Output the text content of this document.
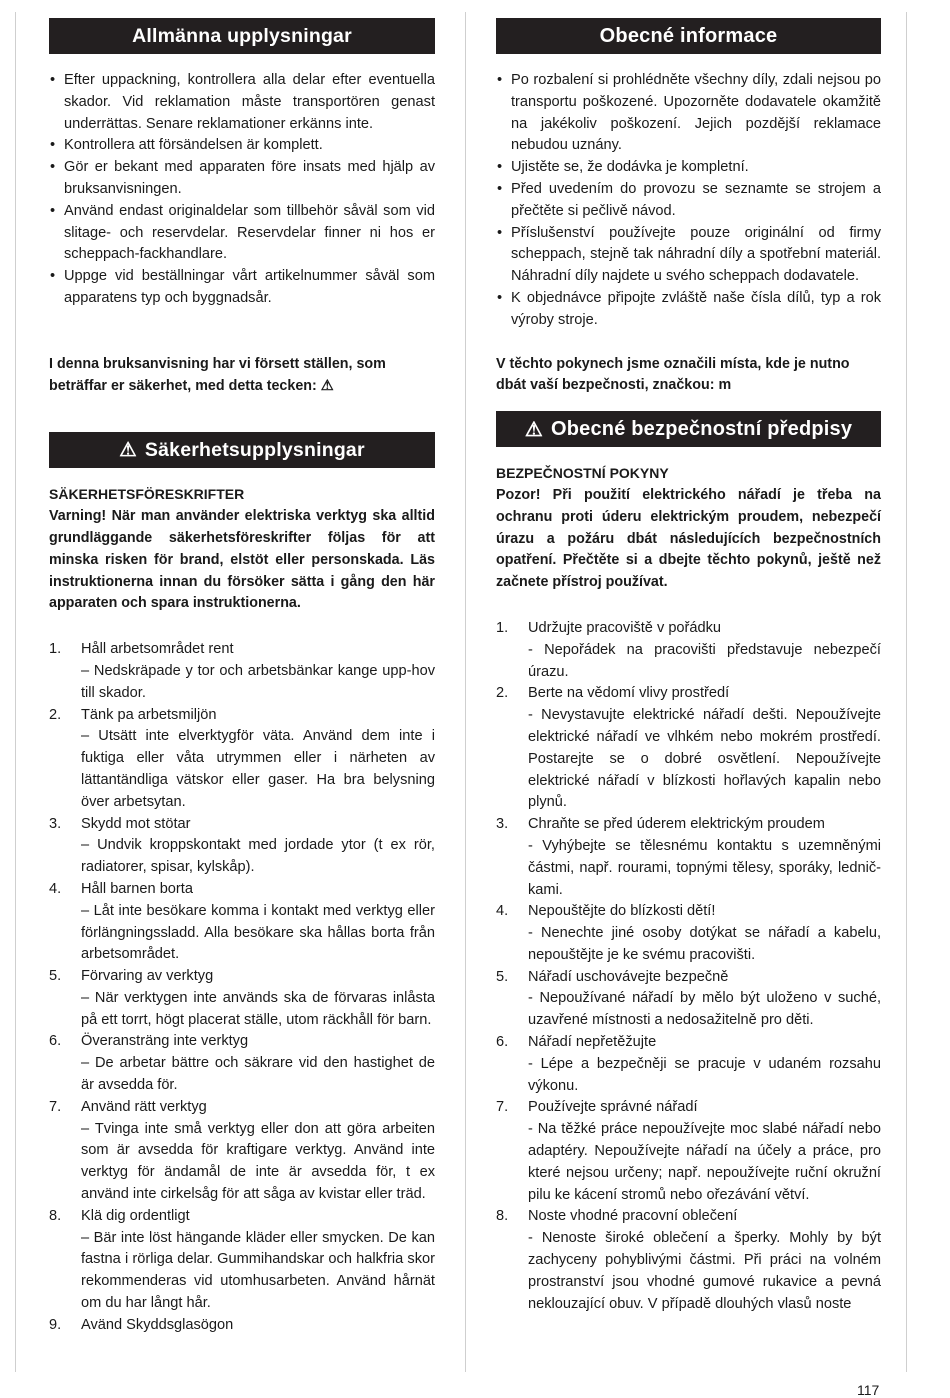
Allmänna upplysningar
• Efter uppackning, kontrollera alla delar efter eventuella skador. Vid reklamation måste transportören genast underrättas. Senare reklamationer erkänns inte.
• Kontrollera att försändelsen är komplett.
• Gör er bekant med apparaten före insats med hjälp av bruksanvisningen.
• Använd endast originaldelar som tillbehör såväl som vid slitage- och reservdelar. Reservdelar finner ni hos er scheppach-fackhandlare.
• Uppge vid beställningar vårt artikelnummer såväl som apparatens typ och byggnadsår.
I denna bruksanvisning har vi försett ställen, som beträffar er säkerhet, med detta tecken: ⚠
⚠ Säkerhetsupplysningar
SÄKERHETSFÖRESKRIFTER
Varning! När man använder elektriska verktyg ska alltid grundläggande säkerhetsföreskrifter följas för att minska risken för brand, elstöt eller personskada. Läs instruktionerna innan du försöker sätta i gång den här apparaten och spara instruktionerna.
1.	Håll arbetsområdet rent
– Nedskräpade y tor och arbetsbänkar kange upp-hov till skador.
2.	Tänk pa arbetsmiljön
– Utsätt inte elverktygför väta. Använd dem inte i fuktiga eller våta utrymmen eller i närheten av lättantändliga vätskor eller gaser. Ha bra belysning över arbetsytan.
3.	Skydd mot stötar
– Undvik kroppskontakt med jordade ytor (t ex rör, radiatorer, spisar, kylskåp).
4.	Håll barnen borta
– Låt inte besökare komma i kontakt med verktyg eller förlängningssladd. Alla besökare ska hållas borta från arbetsområdet.
5.	Förvaring av verktyg
– När verktygen inte används ska de förvaras inlåsta på ett torrt, högt placerat ställe, utom räckhåll för barn.
6.	Överansträng inte verktyg
– De arbetar bättre och säkrare vid den hastighet de är avsedda för.
7.	Använd rätt verktyg
– Tvinga inte små verktyg eller don att göra arbeiten som är avsedda för kraftigare verktyg. Använd inte verktyg för ändamål de inte är avsedda för, t ex använd inte cirkelsåg för att såga av kvistar eller träd.
8.	Klä dig ordentligt
– Bär inte löst hängande kläder eller smycken. De kan fastna i rörliga delar. Gummihandskar och halkfria skor rekommenderas vid utomhusarbeten. Använd hårnät om du har långt hår.
9.	Avänd Skyddsglasögon
Obecné informace
• Po rozbalení si prohlédněte všechny díly, zdali nejsou po transportu poškozené. Upozorněte dodavatele okamžitě na jakékoliv poškození. Jejich pozdější reklamace nebudou uznány.
• Ujistěte se, že dodávka je kompletní.
• Před uvedením do provozu se seznamte se strojem a přečtěte si pečlivě návod.
• Příslušenství používejte pouze originální od firmy scheppach, stejně tak náhradní díly a spotřební materiál. Náhradní díly najdete u svého scheppach dodavatele.
• K objednávce připojte zvláště naše čísla dílů, typ a rok výroby stroje.
V těchto pokynech jsme označili místa, kde je nutno dbát vaší bezpečnosti, značkou: m
⚠ Obecné bezpečnostní předpisy
BEZPEČNOSTNÍ POKYNY
Pozor! Při použití elektrického nářadí je třeba na ochranu proti úderu elektrickým proudem, nebezpečí úrazu a požáru dbát následujících bezpečnostních opatření. Přečtěte si a dbejte těchto pokynů, ještě než začnete přístroj používat.
1.	Udržujte pracoviště v pořádku
- Nepořádek na pracovišti představuje nebezpečí úrazu.
2.	Berte na vědomí vlivy prostředí
- Nevystavujte elektrické nářadí dešti. Nepoužívejte elektrické nářadí ve vlhkém nebo mokrém prostředí. Postarejte se o dobré osvětlení. Nepoužívejte elektrické nářadí v blízkosti hořlavých kapalin nebo plynů.
3.	Chraňte se před úderem elektrickým proudem
- Vyhýbejte se tělesnému kontaktu s uzemněnými částmi, např. rourami, topnými tělesy, sporáky, ledničkami.
4.	Nepouštějte do blízkosti dětí!
- Nenechte jiné osoby dotýkat se nářadí a kabelu, nepouštějte je ke svému pracovišti.
5.	Nářadí uschovávejte bezpečně
- Nepoužívané nářadí by mělo být uloženo v suché, uzavřené místnosti a nedosažitelně pro děti.
6.	Nářadí nepřetěžujte
- Lépe a bezpečněji se pracuje v udaném rozsahu výkonu.
7.	Používejte správné nářadí
- Na těžké práce nepoužívejte moc slabé nářadí nebo adaptéry. Nepoužívejte nářadí na účely a práce, pro které nejsou určeny; např. nepoužívejte ruční okružní pilu ke kácení stromů nebo ořezávání větví.
8.	Noste vhodné pracovní oblečení
- Nenoste široké oblečení a šperky. Mohly by být zachyceny pohyblivými částmi. Při práci na volném prostranství jsou vhodné gumové rukavice a pevná neklouzající obuv. V případě dlouhých vlasů noste
117
